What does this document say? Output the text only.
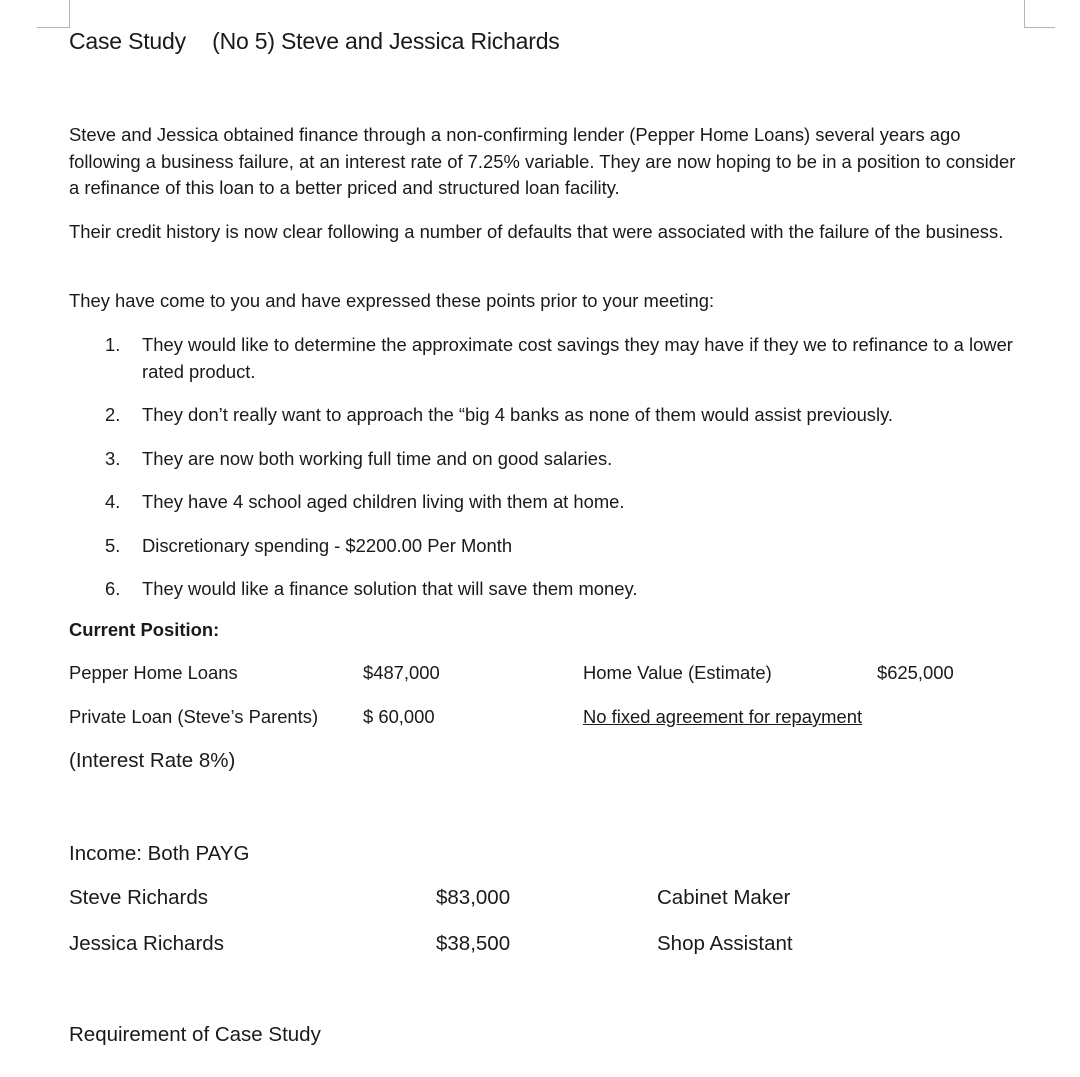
Case Study (No 5) Steve and Jessica Richards
Steve and Jessica obtained finance through a non-confirming lender (Pepper Home Loans) several years ago following a business failure, at an interest rate of 7.25% variable. They are now hoping to be in a position to consider a refinance of this loan to a better priced and structured loan facility.
Their credit history is now clear following a number of defaults that were associated with the failure of the business.
They have come to you and have expressed these points prior to your meeting:
1.	They would like to determine the approximate cost savings they may have if they we to refinance to a lower rated product.
2.	They don’t really want to approach the “big 4 banks as none of them would assist previously.
3.	They are now both working full time and on good salaries.
4.	They have 4 school aged children living with them at home.
5.	Discretionary spending - $2200.00 Per Month
6.	They would like a finance solution that will save them money.
Current Position:
Pepper Home Loans	$487,000	Home Value (Estimate)	$625,000
Private Loan (Steve’s Parents) $ 60,000	No fixed agreement for repayment
(Interest Rate 8%)
Income: Both PAYG
Steve Richards	$83,000	Cabinet Maker
Jessica Richards	$38,500	Shop Assistant
Requirement of Case Study
